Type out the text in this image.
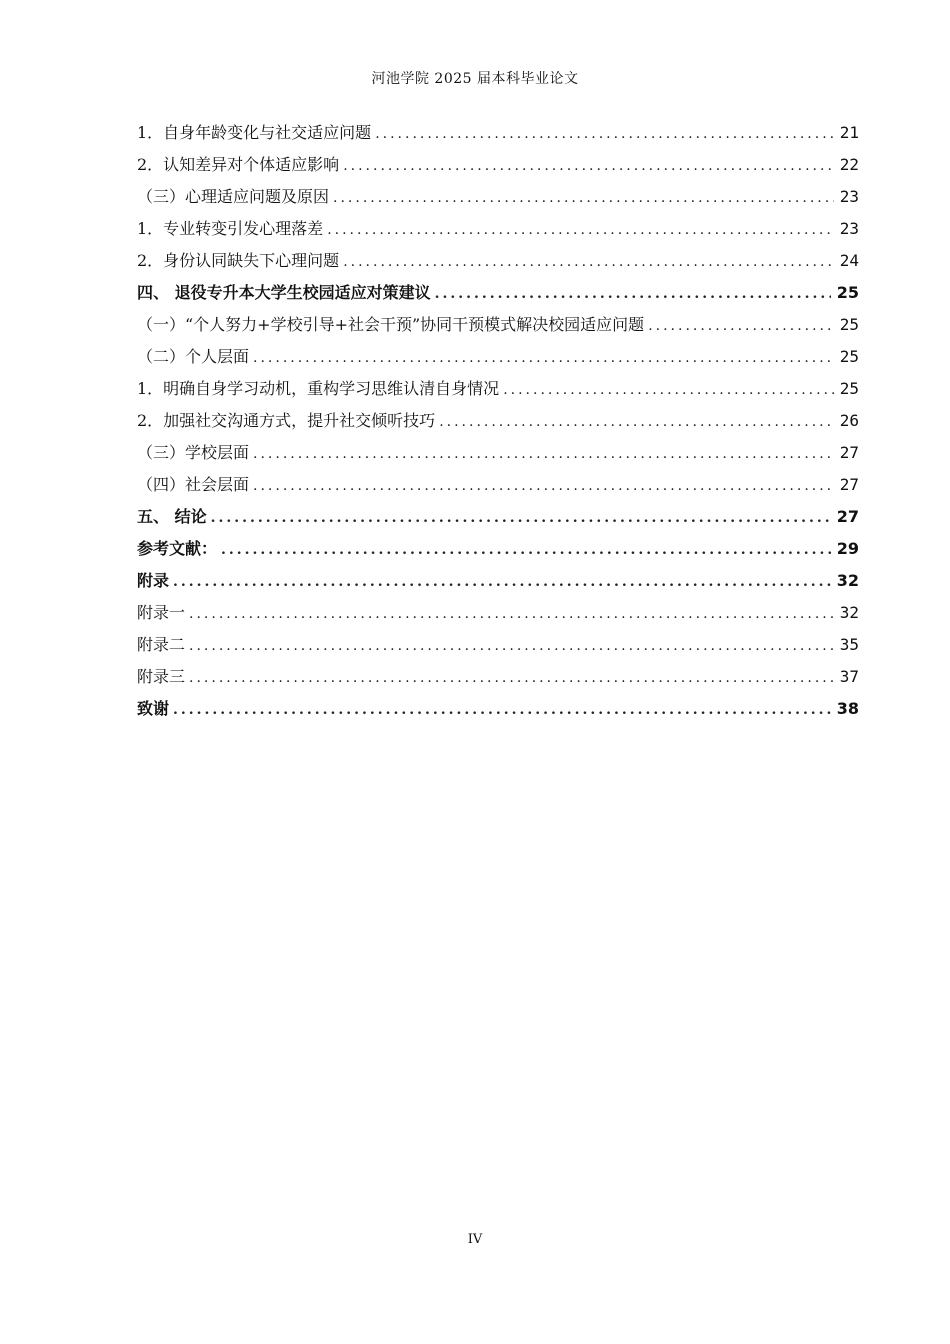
河池学院 2025 届本科毕业论文
1．自身年龄变化与社交适应问题 .....	21
2．认知差异对个体适应影响 .....	22
（三）心理适应问题及原因 .....	23
1．专业转变引发心理落差 .....	23
2．身份认同缺失下心理问题 .....	24
四、 退役专升本大学生校园适应对策建议 .....	25
（一）“个人努力+学校引导+社会干预”协同干预模式解决校园适应问题 .....	25
（二）个人层面 .....	25
1．明确自身学习动机，重构学习思维认清自身情况 .....	25
2．加强社交沟通方式，提升社交倾听技巧 .....	26
（三）学校层面 .....	27
（四）社会层面 .....	27
五、 结论 .....	27
参考文献： .....	29
附录 .....	32
附录一 .....	32
附录二 .....	35
附录三 .....	37
致谢 .....	38
IV
